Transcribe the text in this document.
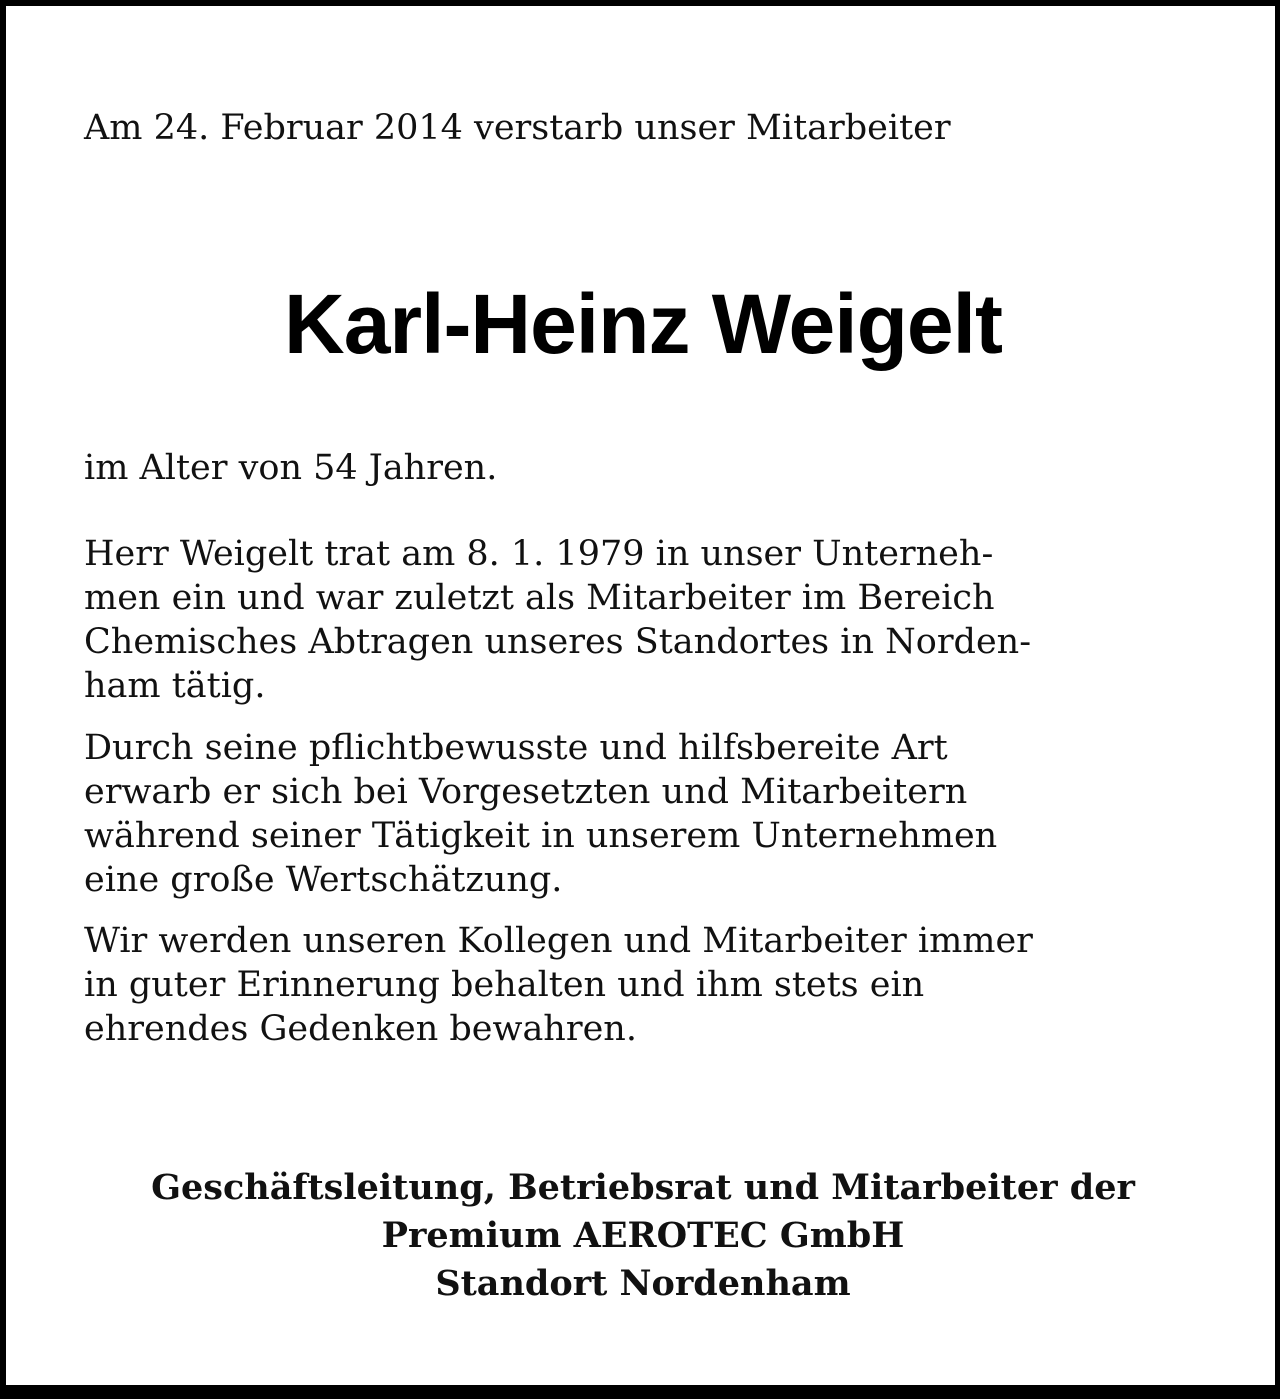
Am 24. Februar 2014 verstarb unser Mitarbeiter

Karl-Heinz Weigelt

im Alter von 54 Jahren.

Herr Weigelt trat am 8. 1. 1979 in unser Unterneh-
men ein und war zuletzt als Mitarbeiter im Bereich
Chemisches Abtragen unseres Standortes in Norden-
ham tätig.

Durch seine pflichtbewusste und hilfsbereite Art
erwarb er sich bei Vorgesetzten und Mitarbeitern
während seiner Tätigkeit in unserem Unternehmen
eine große Wertschätzung.

Wir werden unseren Kollegen und Mitarbeiter immer
in guter Erinnerung behalten und ihm stets ein
ehrendes Gedenken bewahren.

Geschäftsleitung, Betriebsrat und Mitarbeiter der
Premium AEROTEC GmbH
Standort Nordenham
